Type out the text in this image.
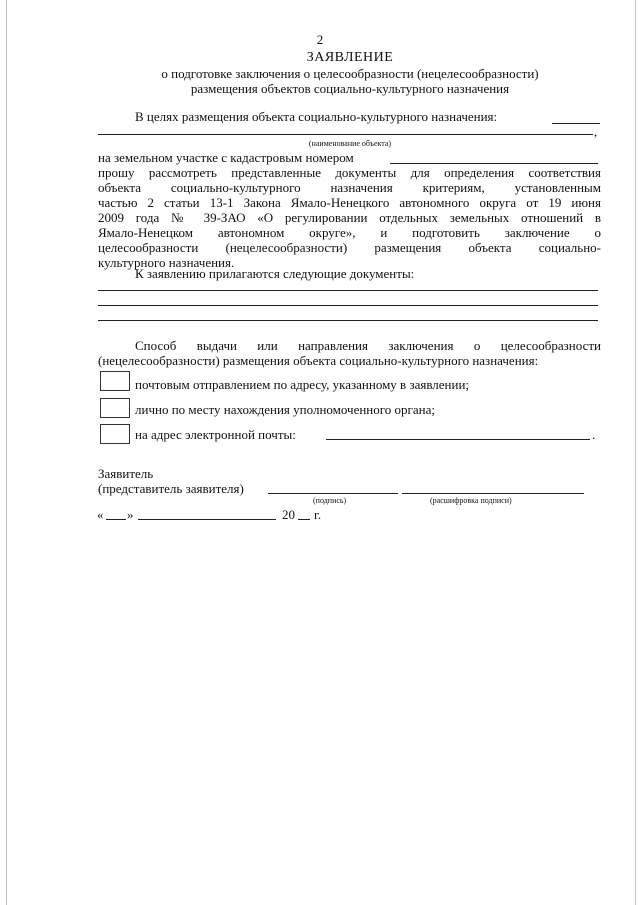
2
ЗАЯВЛЕНИЕ
о подготовке заключения о целесообразности (нецелесообразности)
размещения объектов социально-культурного назначения
В целях размещения объекта социально-культурного назначения:
,
(наименование объекта)
на земельном участке с кадастровым номером
прошу рассмотреть представленные документы для определения соответствия
объекта социально-культурного назначения критериям, установленным
частью 2 статьи 13-1 Закона Ямало-Ненецкого автономного округа от 19 июня
2009 года № 39-ЗАО «О регулировании отдельных земельных отношений в
Ямало-Ненецком автономном округе», и подготовить заключение о
целесообразности (нецелесообразности) размещения объекта социально-
культурного назначения.
К заявлению прилагаются следующие документы:
Способ выдачи или направления заключения о целесообразности
(нецелесообразности) размещения объекта социально-культурного назначения:
почтовым отправлением по адресу, указанному в заявлении;
лично по месту нахождения уполномоченного органа;
на адрес электронной почты:	.
Заявитель
(представитель заявителя)
(подпись)	(расшифровка подписи)
« »	20 г.
